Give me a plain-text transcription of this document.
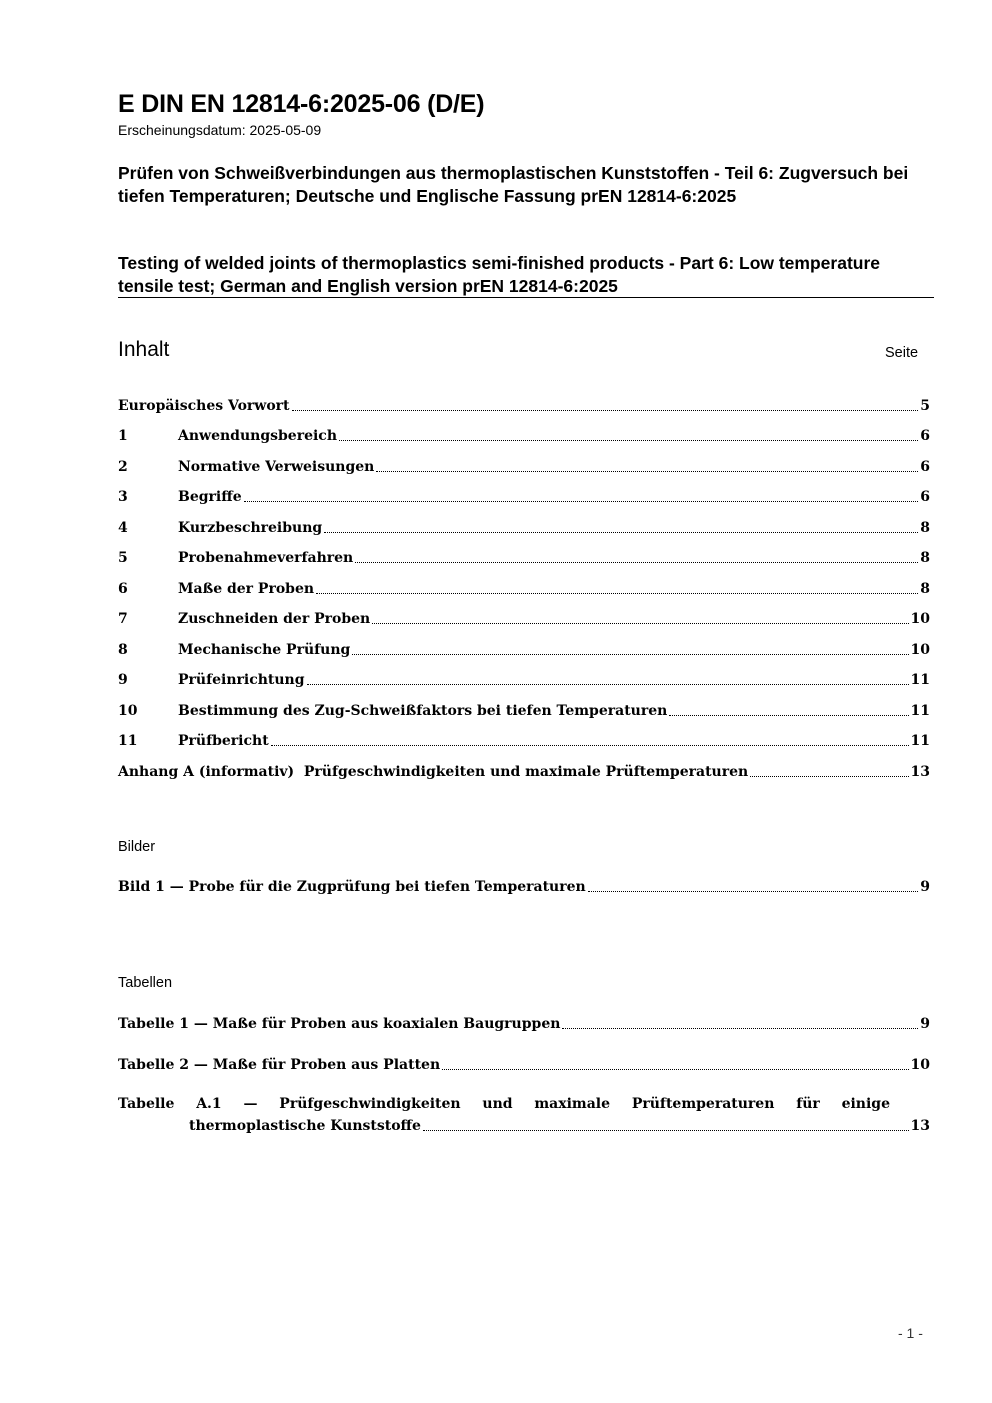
E DIN EN 12814-6:2025-06 (D/E)
Erscheinungsdatum: 2025-05-09
Prüfen von Schweißverbindungen aus thermoplastischen Kunststoffen - Teil 6: Zugversuch bei tiefen Temperaturen; Deutsche und Englische Fassung prEN 12814-6:2025
Testing of welded joints of thermoplastics semi-finished products - Part 6: Low temperature tensile test; German and English version prEN 12814-6:2025
Inhalt	Seite
Europäisches Vorwort	5
1	Anwendungsbereich	6
2	Normative Verweisungen	6
3	Begriffe	6
4	Kurzbeschreibung	8
5	Probenahmeverfahren	8
6	Maße der Proben	8
7	Zuschneiden der Proben	10
8	Mechanische Prüfung	10
9	Prüfeinrichtung	11
10	Bestimmung des Zug-Schweißfaktors bei tiefen Temperaturen	11
11	Prüfbericht	11
Anhang A (informativ)  Prüfgeschwindigkeiten und maximale Prüftemperaturen	13
Bilder
Bild 1 — Probe für die Zugprüfung bei tiefen Temperaturen	9
Tabellen
Tabelle 1 — Maße für Proben aus koaxialen Baugruppen	9
Tabelle 2 — Maße für Proben aus Platten	10
Tabelle A.1 — Prüfgeschwindigkeiten und maximale Prüftemperaturen für einige
thermoplastische Kunststoffe	13
- 1 -
